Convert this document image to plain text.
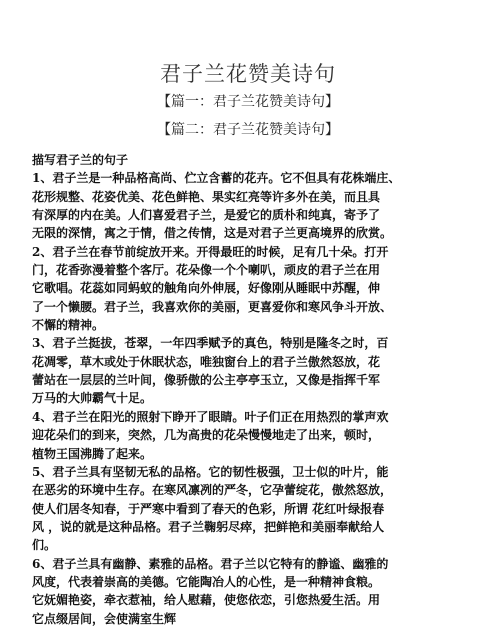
君子兰花赞美诗句
【篇一：君子兰花赞美诗句】
【篇二：君子兰花赞美诗句】
描写君子兰的句子
1、君子兰是一种品格高尚、伫立含蓄的花卉。它不但具有花株端庄、
花形规整、花姿优美、花色鲜艳、果实红亮等许多外在美，而且具
有深厚的内在美。人们喜爱君子兰，是爱它的质朴和纯真，寄予了
无限的深情，寓之于情，借之传情，这是对君子兰更高境界的欣赏。
2、君子兰在春节前绽放开来。开得最旺的时候，足有几十朵。打开
门，花香弥漫着整个客厅。花朵像一个个喇叭，顽皮的君子兰在用
它歌唱。花蕊如同蚂蚁的触角向外伸展，好像刚从睡眠中苏醒，伸
了一个懒腰。君子兰，我喜欢你的美丽，更喜爱你和寒风争斗开放、
不懈的精神。
3、君子兰挺拔，苍翠，一年四季赋予的真色，特别是隆冬之时，百
花凋零，草木或处于休眠状态，唯独窗台上的君子兰傲然怒放，花
蕾站在一层层的兰叶间，像骄傲的公主亭亭玉立，又像是指挥千军
万马的大帅霸气十足。
4、君子兰在阳光的照射下睁开了眼睛。叶子们正在用热烈的掌声欢
迎花朵们的到来，突然，几为高贵的花朵慢慢地走了出来，顿时，
植物王国沸腾了起来。
5、君子兰具有坚韧无私的品格。它的韧性极强，卫士似的叶片，能
在恶劣的环境中生存。在寒风凛冽的严冬，它孕蕾绽花，傲然怒放，
使人们居冬知春，于严寒中看到了春天的色彩，所谓 花红叶绿报春
风 ，说的就是这种品格。君子兰鞠躬尽瘁，把鲜艳和美丽奉献给人
们。
6、君子兰具有幽静、素雅的品格。君子兰以它特有的静谧、幽雅的
风度，代表着崇高的美德。它能陶冶人的心性，是一种精神食粮。
它妩媚艳姿，牵衣惹袖，给人慰藉，使您依恋，引您热爱生活。用
它点缀居间，会使满室生辉
